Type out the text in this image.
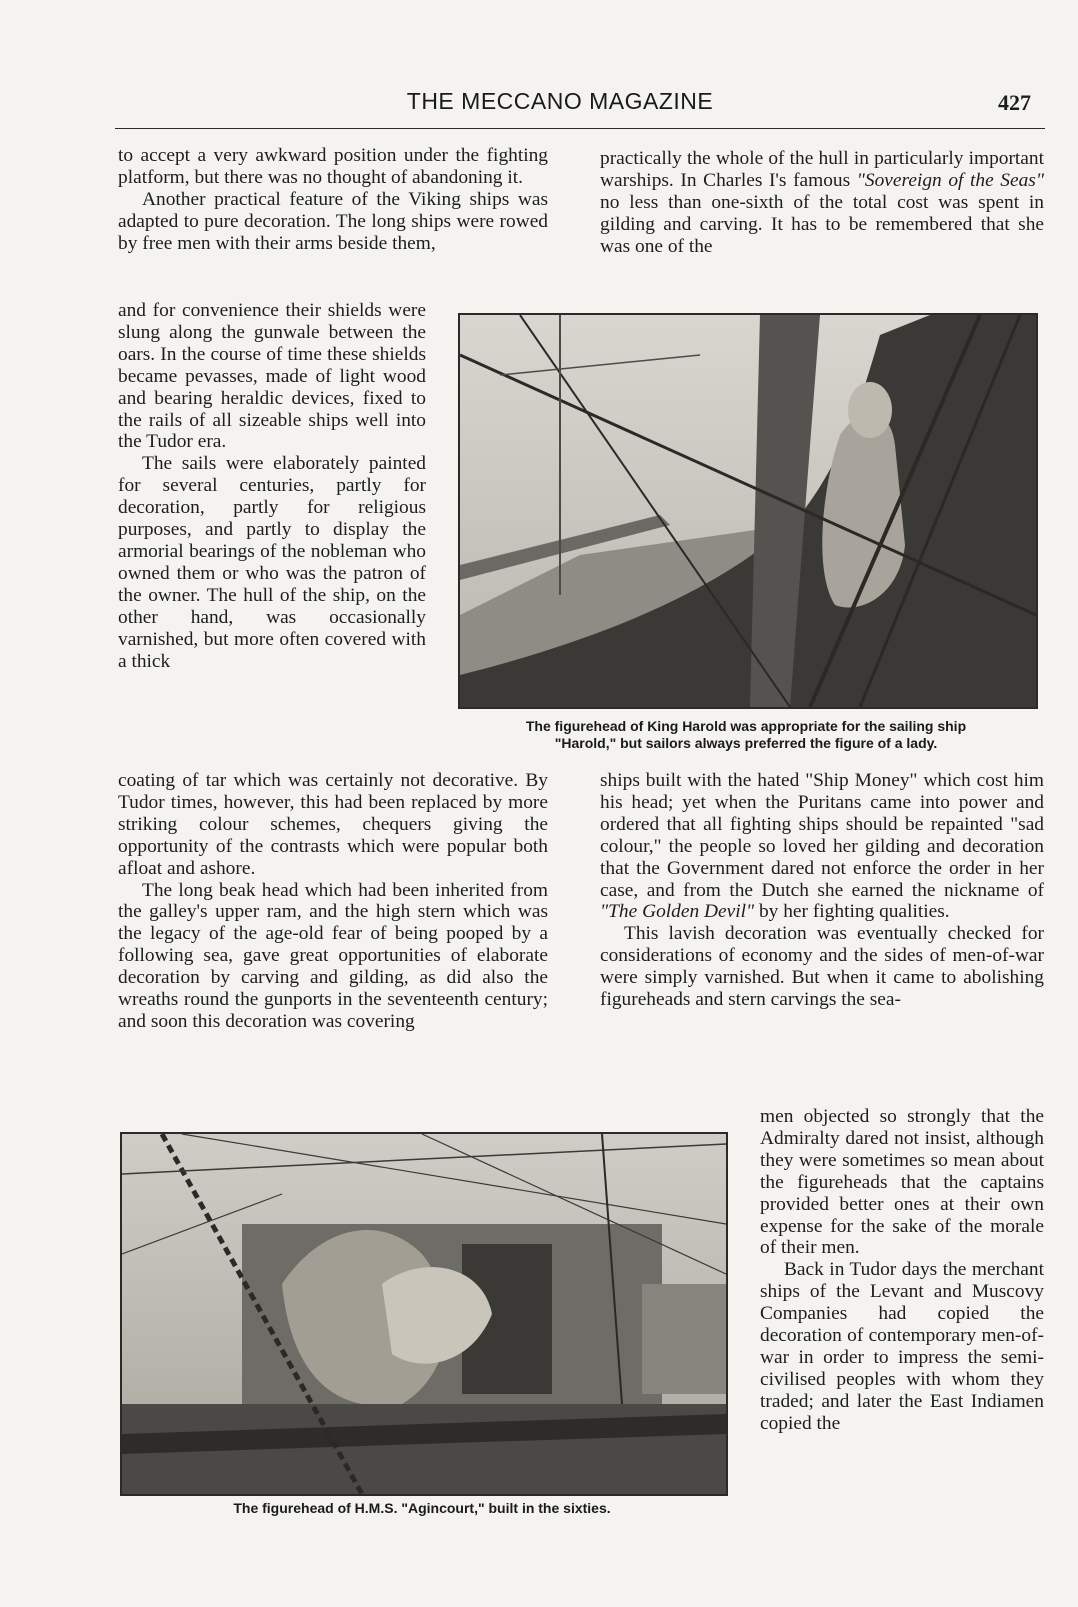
THE MECCANO MAGAZINE	427

to accept a very awkward position under the fighting platform, but there was no thought of abandoning it.

Another practical feature of the Viking ships was adapted to pure decoration. The long ships were rowed by free men with their arms beside them,

and for convenience their shields were slung along the gunwale between the oars. In the course of time these shields became pevasses, made of light wood and bearing heraldic devices, fixed to the rails of all sizeable ships well into the Tudor era.

The sails were elaborately painted for several centuries, partly for decoration, partly for religious purposes, and partly to display the armorial bearings of the nobleman who owned them or who was the patron of the owner. The hull of the ship, on the other hand, was occasionally varnished, but more often covered with a thick

coating of tar which was certainly not decorative. By Tudor times, however, this had been replaced by more striking colour schemes, chequers giving the opportunity of the contrasts which were popular both afloat and ashore.

The long beak head which had been inherited from the galley's upper ram, and the high stern which was the legacy of the age-old fear of being pooped by a following sea, gave great opportunities of elaborate decoration by carving and gilding, as did also the wreaths round the gunports in the seventeenth century; and soon this decoration was covering

practically the whole of the hull in particularly important warships. In Charles I's famous "Sovereign of the Seas" no less than one-sixth of the total cost was spent in gilding and carving. It has to be remembered that she was one of the

The figurehead of King Harold was appropriate for the sailing ship
"Harold," but sailors always preferred the figure of a lady.

ships built with the hated "Ship Money" which cost him his head; yet when the Puritans came into power and ordered that all fighting ships should be repainted "sad colour," the people so loved her gilding and decoration that the Government dared not enforce the order in her case, and from the Dutch she earned the nickname of "The Golden Devil" by her fighting qualities.

This lavish decoration was eventually checked for considerations of economy and the sides of men-of-war were simply varnished. But when it came to abolishing figureheads and stern carvings the sea-

men objected so strongly that the Admiralty dared not insist, although they were sometimes so mean about the figureheads that the captains provided better ones at their own expense for the sake of the morale of their men.

Back in Tudor days the merchant ships of the Levant and Muscovy Companies had copied the decoration of contemporary men-of-war in order to impress the semi-civilised peoples with whom they traded; and later the East Indiamen copied the

The figurehead of H.M.S. "Agincourt," built in the sixties.
